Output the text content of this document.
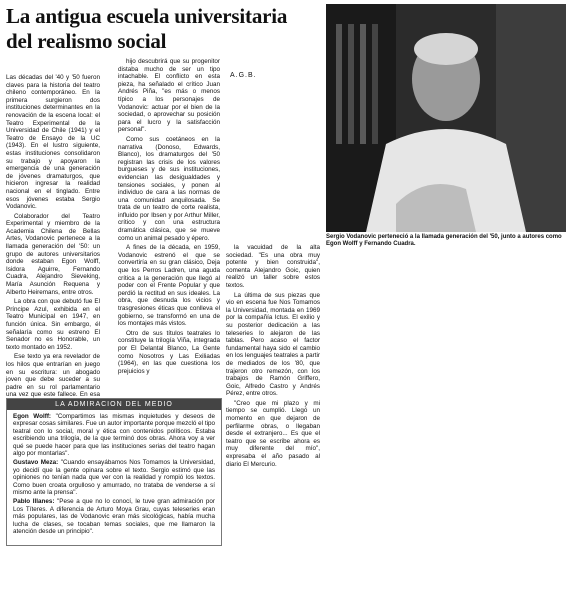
La antigua escuela universitaria
del realismo social
A.G.B.

Las décadas del '40 y '50 fueron claves para la historia del teatro chileno contemporáneo. En la primera surgieron dos instituciones determinantes en la renovación de la escena local: el Teatro Experimental de la Universidad de Chile (1941) y el Teatro de Ensayo de la UC (1943). En el lustro siguiente, estas instituciones consolidaron su trabajo y apoyaron la emergencia de una generación de jóvenes dramaturgos, que hicieron ingresar la realidad nacional en el tinglado. Entre esos jóvenes estaba Sergio Vodanovic.

Colaborador del Teatro Experimental y miembro de la Academia Chilena de Bellas Artes, Vodanovic pertenece a la llamada generación del '50: un grupo de autores universitarios donde estaban Egon Wolff, Isidora Aguirre, Fernando Cuadra, Alejandro Sieveking, María Asunción Requena y Alberto Heiremans, entre otros.

La obra con que debutó fue El Príncipe Azul, exhibida en el Teatro Municipal en 1947, en función única. Sin embargo, él señalaría como su estreno El Senador no es Honorable, un texto montado en 1952.

Ese texto ya era revelador de los hilos que entrarían en juego en su escritura: un abogado joven que debe suceder a su padre en su rol parlamentario una vez que este fallece. En esa

hijo descubrirá que su progenitor distaba mucho de ser un tipo intachable. El conflicto en esta pieza, ha señalado el crítico Juan Andrés Piña, "es más o menos típico a los personajes de Vodanovic: actuar por el bien de la sociedad, o aprovechar su posición para el lucro y la satisfacción personal".

Como sus coetáneos en la narrativa (Donoso, Edwards, Blanco), los dramaturgos del '50 registran las crisis de los valores burgueses y de sus instituciones, evidencian las desigualdades y tensiones sociales, y ponen al individuo de cara a las normas de una comunidad anquilosada. Se trata de un teatro de corte realista, influido por Ibsen y por Arthur Miller, crítico y con una estructura dramática clásica, que se mueve como un animal pesado y épero.

A fines de la década, en 1959, Vodanovic estrenó el que se convertiría en su gran clásico, Deja que los Perros Ladren, una aguda crítica a la generación que llegó al poder con el Frente Popular y que perdió la rectitud en sus ideales. La obra, que desnuda los vicios y trasgresiones éticas que conlleva el gobierno, se transformó en una de los montajes más vistos.

Otro de sus títulos teatrales lo constituye la trilogía Viña, integrada por El Delantal Blanco, La Gente como Nosotros y Las Exiliadas (1964), en las que cuestiona los prejuicios y

la vacuidad de la alta sociedad. "Es una obra muy potente y bien construida", comenta Alejandro Goic, quien realizó un taller sobre estos textos.

La última de sus piezas que vio en escena fue Nos Tomamos la Universidad, montada en 1969 por la compañía Ictus. El exilio y su posterior dedicación a las teleseries lo alejaron de las tablas. Pero acaso el factor fundamental haya sido el cambio en los lenguajes teatrales a partir de mediados de los '80, que trajeron otro remezón, con los trabajos de Ramón Griffero, Goic, Alfredo Castro y Andrés Pérez, entre otros.

"Creo que mi plazo y mi tiempo se cumplió. Llegó un momento en que dejaron de perfilarme obras, o llegaban desde el extranjero... Es que el teatro que se escribe ahora es muy diferente del mío", expresaba el año pasado al diario El Mercurio.

Sergio Vodanovic perteneció a la llamada generación del '50, junto a autores como Egon Wolff y Fernando Cuadra.
LA ADMIRACION DEL MEDIO

Egon Wolff: "Compartimos las mismas inquietudes y deseos de expresar cosas similares. Fue un autor importante porque mezcló el tipo teatral con lo social, moral y ética con contenidos políticos. Estaba escribiendo una trilogía, de la que terminó dos obras. Ahora voy a ver qué se puede hacer para que las instituciones serias del teatro hagan algo por montarlas".

Gustavo Meza: "Cuando ensayábamos Nos Tomamos la Universidad, yo decidí que la gente opinara sobre el texto. Sergio estimó que las opiniones no tenían nada que ver con la realidad y rompió los textos. Como buen croata orgulloso y amurrado, no trataba de venderse a sí mismo ante la prensa".

Pablo Illanes: "Pese a que no lo conocí, le tuve gran admiración por Los Títeres. A diferencia de Arturo Moya Grau, cuyas teleseries eran más populares, las de Vodanovic eran más sicológicas, había mucha lucha de clases, se tocaban temas sociales, que me llamaron la atención desde un principio".
